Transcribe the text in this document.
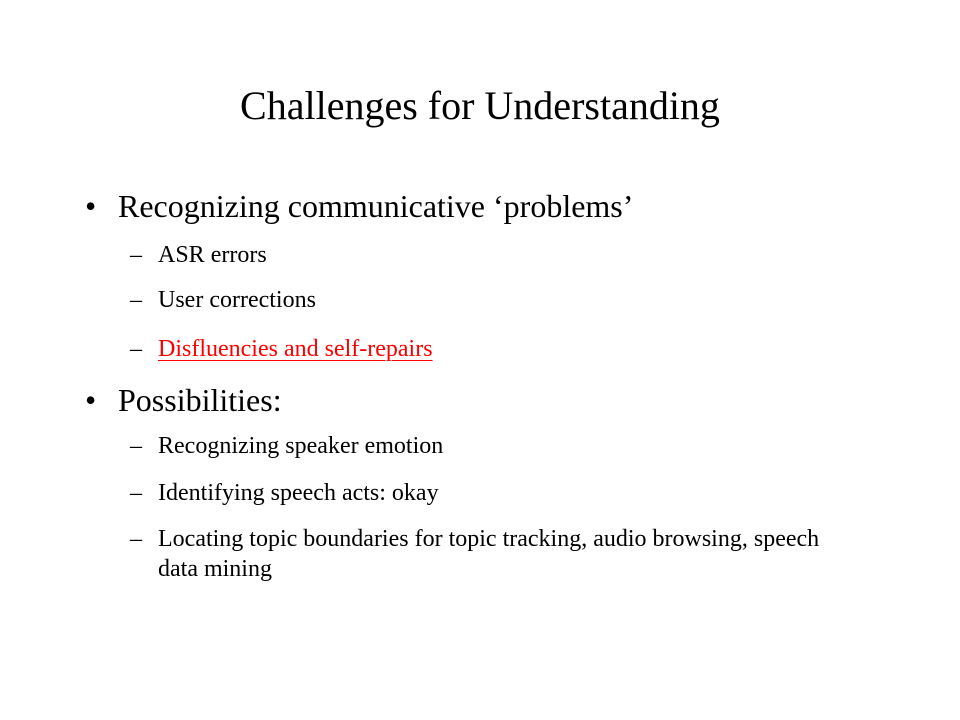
Challenges for Understanding
• Recognizing communicative ‘problems’
– ASR errors
– User corrections
– Disfluencies and self-repairs
• Possibilities:
– Recognizing speaker emotion
– Identifying speech acts: okay
– Locating topic boundaries for topic tracking, audio browsing, speech data mining
